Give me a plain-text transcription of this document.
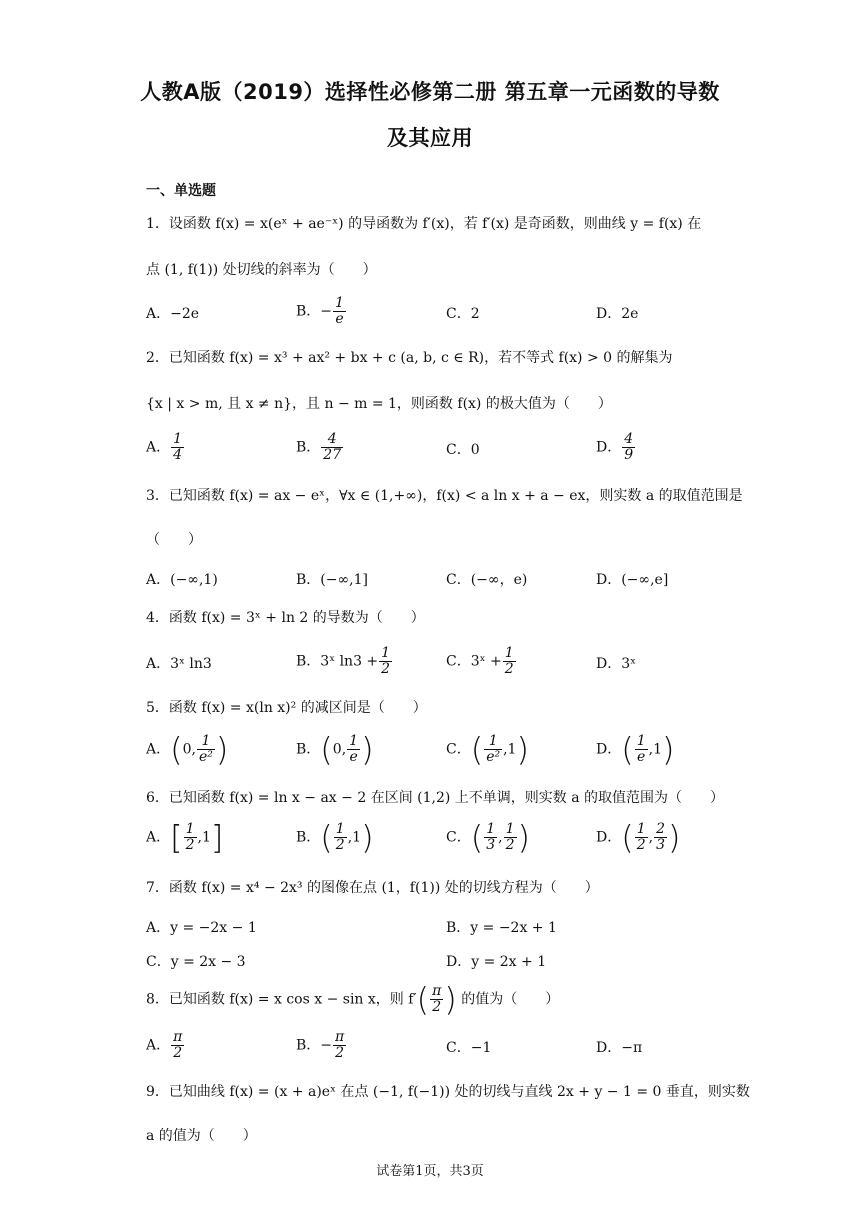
人教A版（2019）选择性必修第二册 第五章一元函数的导数
及其应用
一、单选题
1．设函数 f(x) = x(eˣ + ae⁻ˣ) 的导函数为 f′(x)，若 f′(x) 是奇函数，则曲线 y = f(x) 在
点 (1, f(1)) 处切线的斜率为（　　）
A．−2e	B．− $\frac{1}{e}$	C．2	D．2e
2．已知函数 f(x) = x³ + ax² + bx + c (a, b, c ∈ R)，若不等式 f(x) > 0 的解集为
{x | x > m, 且 x ≠ n}，且 n − m = 1，则函数 f(x) 的极大值为（　　）
A． $\frac{1}{4}$	B． $\frac{4}{27}$	C．0	D． $\frac{4}{9}$
3．已知函数 f(x) = ax − eˣ，∀x ∈ (1,+∞)，f(x) < a ln x + a − ex，则实数 a 的取值范围是
（　　）
A．(−∞,1)	B．(−∞,1]	C．(−∞，e)	D．(−∞,e]
4．函数 f(x) = 3ˣ + ln 2 的导数为（　　）
A．3ˣ ln3	B．3ˣ $\ln 3 + \frac{1}{2}$	C．3ˣ + $\frac{1}{2}$	D．3ˣ
5．函数 f(x) = x(ln x)² 的减区间是（　　）
A．(0, $\frac{1}{\text{e²}}$ )	B．(0, $\frac{1}{e}$ )	C．( $\frac{1}{\text{e²}} ,1$)	D．( $\frac{1}{e} ,1$)
6．已知函数 f(x) = ln x − ax − 2 在区间 (1,2) 上不单调，则实数 a 的取值范围为（　　）
A．[ $\frac{1}{2} ,1$]	B．( $\frac{1}{2} ,1$)	C．( $\frac{1}{3}$ , $\frac{1}{2}$ )	D．( $\frac{1}{2}$ , $\frac{2}{3}$ )
7．函数 f(x) = x⁴ − 2x³ 的图像在点 (1，f(1)) 处的切线方程为（　　）
A．y = −2x − 1	B．y = −2x + 1
C．y = 2x − 3	D．y = 2x + 1
8．已知函数 f(x) = x cos x − sin x，则 $f'( \frac{\pi}{2}$ ) 的值为（　　）
A． $\frac{\pi}{2}$	B．− $\frac{\pi}{2}$	C．−1	D．−π
9．已知曲线 f(x) = (x + a)eˣ 在点 (−1, f(−1)) 处的切线与直线 2x + y − 1 = 0 垂直，则实数
a 的值为（　　）
试卷第1页，共3页
